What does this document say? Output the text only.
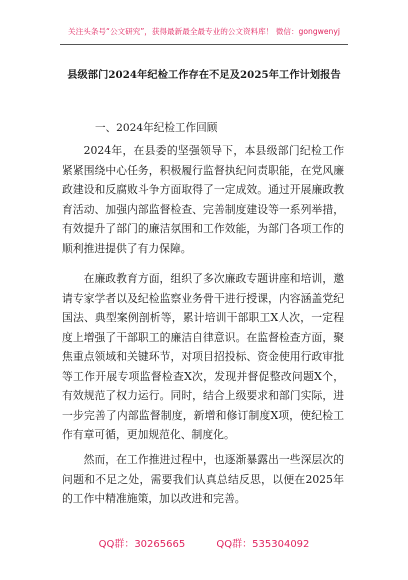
关注头条号“公文研究”，获得最新最全最专业的公文资料库！ 微信：gongwenyj
县级部门2024年纪检工作存在不足及2025年工作计划报告
一、2024年纪检工作回顾

2024年，在县委的坚强领导下，本县级部门纪检工作紧紧围绕中心任务，积极履行监督执纪问责职能，在党风廉政建设和反腐败斗争方面取得了一定成效。通过开展廉政教育活动、加强内部监督检查、完善制度建设等一系列举措，有效提升了部门的廉洁氛围和工作效能，为部门各项工作的顺利推进提供了有力保障。

在廉政教育方面，组织了多次廉政专题讲座和培训，邀请专家学者以及纪检监察业务骨干进行授课，内容涵盖党纪国法、典型案例剖析等，累计培训干部职工X人次，一定程度上增强了干部职工的廉洁自律意识。在监督检查方面，聚焦重点领域和关键环节，对项目招投标、资金使用行政审批等工作开展专项监督检查X次，发现并督促整改问题X个，有效规范了权力运行。同时，结合上级要求和部门实际，进一步完善了内部监督制度，新增和修订制度X项，使纪检工作有章可循，更加规范化、制度化。

然而，在工作推进过程中，也逐渐暴露出一些深层次的问题和不足之处，需要我们认真总结反思，以便在2025年的工作中精准施策，加以改进和完善。

QQ群：30265665	QQ群：535304092
